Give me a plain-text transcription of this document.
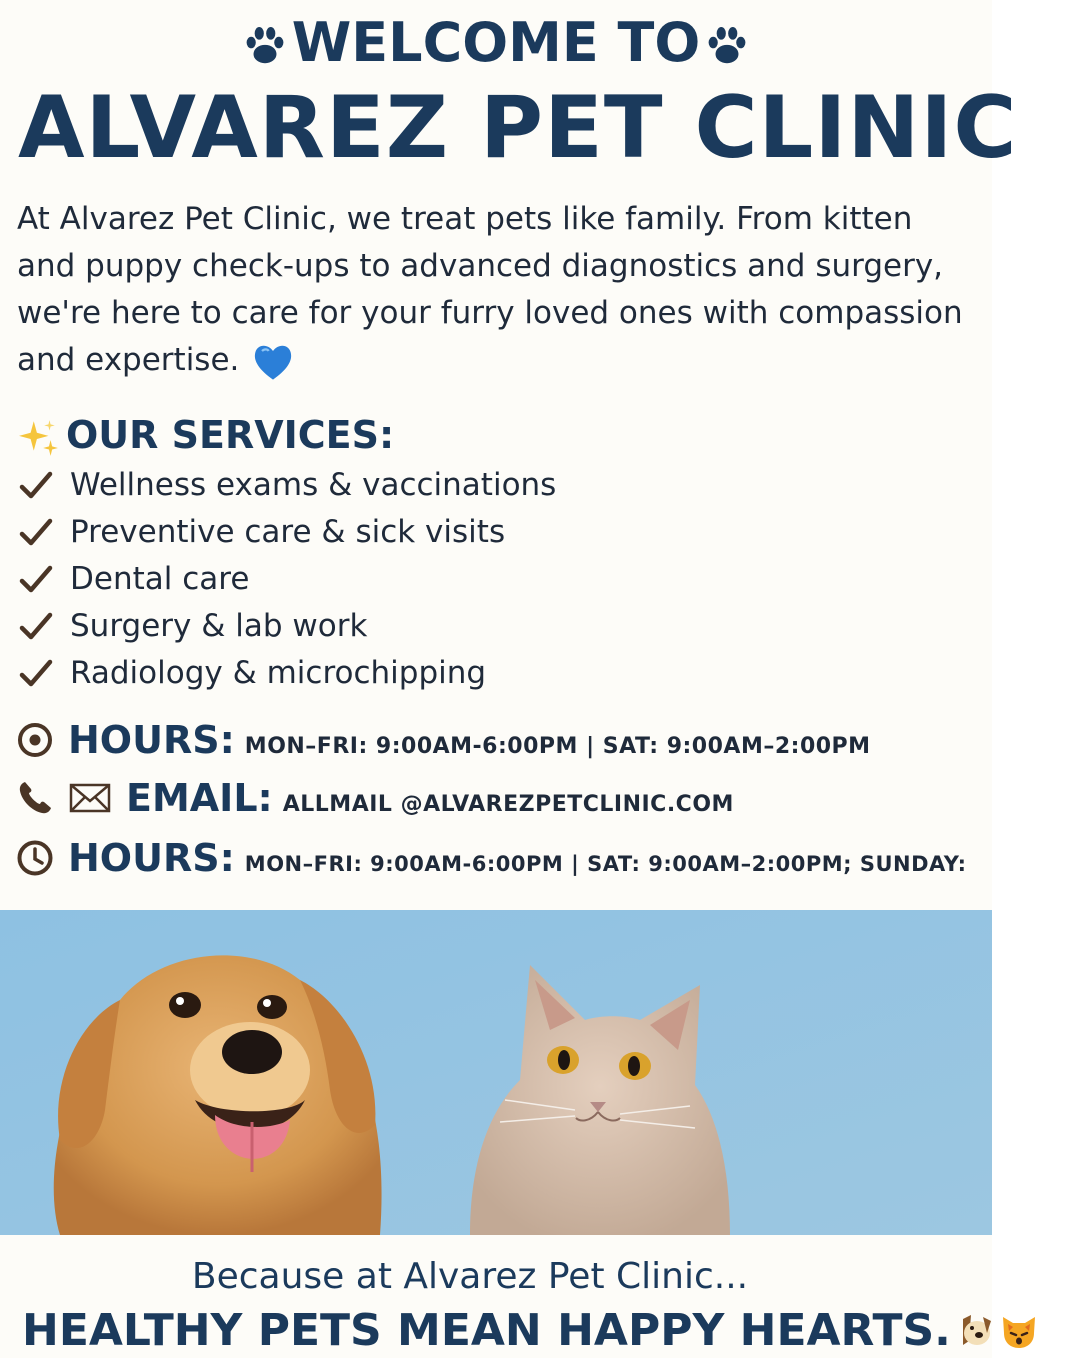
WELCOME TO
ALVAREZ PET CLINIC
At Alvarez Pet Clinic, we treat pets like family. From kitten
and puppy check-ups to advanced diagnostics and surgery,
we're here to care for your furry loved ones with compassion
and expertise.
OUR SERVICES:
Wellness exams & vaccinations
Preventive care & sick visits
Dental care
Surgery & lab work
Radiology & microchipping
HOURS: MON–FRI: 9:00AM-6:00PM | SAT: 9:00AM–2:00PM
EMAIL: ALLMAIL @ALVAREZPETCLINIC.COM
HOURS: MON–FRI: 9:00AM-6:00PM | SAT: 9:00AM–2:00PM; SUNDAY:
Because at Alvarez Pet Clinic...
HEALTHY PETS MEAN HAPPY HEARTS.
